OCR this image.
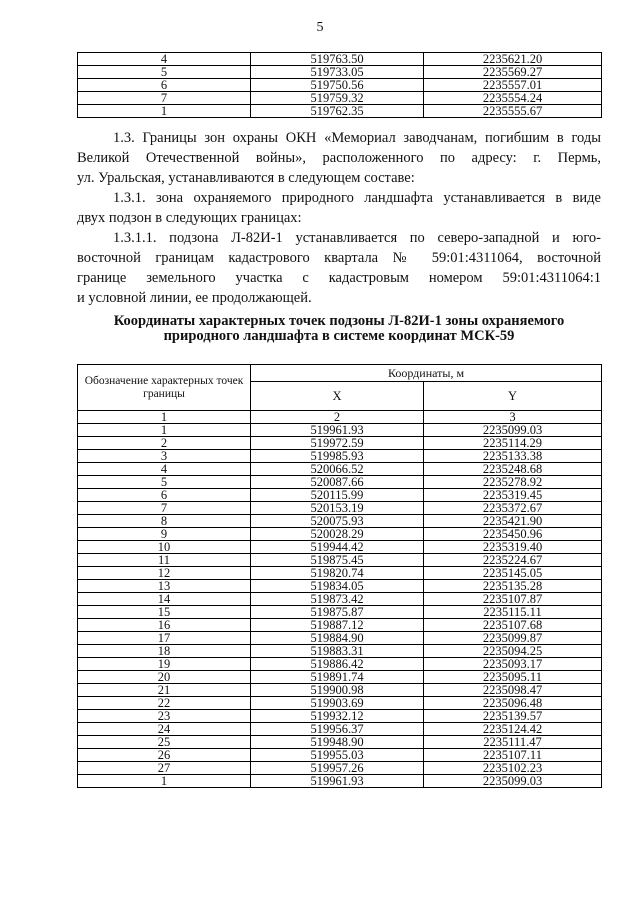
5
4	519763.50	2235621.20
5	519733.05	2235569.27
6	519750.56	2235557.01
7	519759.32	2235554.24
1	519762.35	2235555.67
1.3. Границы зон охраны ОКН «Мемориал заводчанам, погибшим в годы
Великой Отечественной войны», расположенного по адресу: г. Пермь,
ул. Уральская, устанавливаются в следующем составе:
1.3.1. зона охраняемого природного ландшафта устанавливается в виде
двух подзон в следующих границах:
1.3.1.1. подзона Л-82И-1 устанавливается по северо-западной и юго-
восточной границам кадастрового квартала № 59:01:4311064, восточной
границе земельного участка с кадастровым номером 59:01:4311064:1
и условной линии, ее продолжающей.
Координаты характерных точек подзоны Л-82И-1 зоны охраняемого
природного ландшафта в системе координат МСК-59
Обозначение характерных точек границы	Координаты, м	
	X	Y
1	2	3
1	519961.93	2235099.03
2	519972.59	2235114.29
3	519985.93	2235133.38
4	520066.52	2235248.68
5	520087.66	2235278.92
6	520115.99	2235319.45
7	520153.19	2235372.67
8	520075.93	2235421.90
9	520028.29	2235450.96
10	519944.42	2235319.40
11	519875.45	2235224.67
12	519820.74	2235145.05
13	519834.05	2235135.28
14	519873.42	2235107.87
15	519875.87	2235115.11
16	519887.12	2235107.68
17	519884.90	2235099.87
18	519883.31	2235094.25
19	519886.42	2235093.17
20	519891.74	2235095.11
21	519900.98	2235098.47
22	519903.69	2235096.48
23	519932.12	2235139.57
24	519956.37	2235124.42
25	519948.90	2235111.47
26	519955.03	2235107.11
27	519957.26	2235102.23
1	519961.93	2235099.03
